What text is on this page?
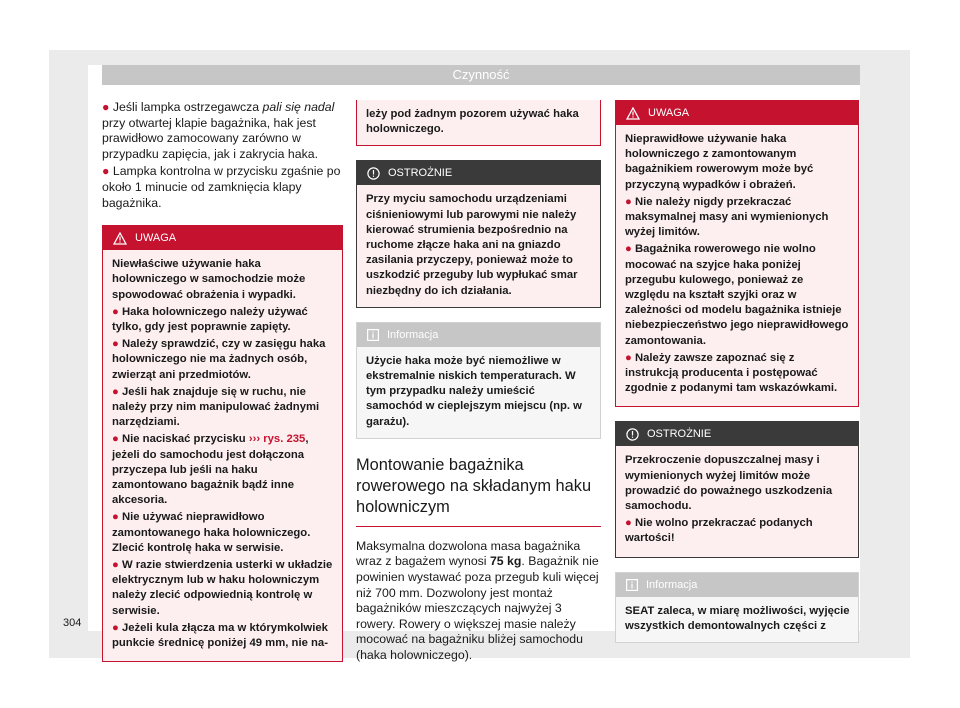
Czynność

● Jeśli lampka ostrzegawcza pali się nadal przy otwartej klapie bagażnika, hak jest prawidłowo zamocowany zarówno w przypadku zapięcia, jak i zakrycia haka.

● Lampka kontrolna w przycisku zgaśnie po około 1 minucie od zamknięcia klapy bagażnika.

UWAGA

Niewłaściwe używanie haka holowniczego w samochodzie może spowodować obrażenia i wypadki.

● Haka holowniczego należy używać tylko, gdy jest poprawnie zapięty.

● Należy sprawdzić, czy w zasięgu haka holowniczego nie ma żadnych osób, zwierząt ani przedmiotów.

● Jeśli hak znajduje się w ruchu, nie należy przy nim manipulować żadnymi narzędziami.

● Nie naciskać przycisku ››› rys. 235, jeżeli do samochodu jest dołączona przyczepa lub jeśli na haku zamontowano bagażnik bądź inne akcesoria.

● Nie używać nieprawidłowo zamontowanego haka holowniczego. Zlecić kontrolę haka w serwisie.

● W razie stwierdzenia usterki w układzie elektrycznym lub w haku holowniczym należy zlecić odpowiednią kontrolę w serwisie.

● Jeżeli kula złącza ma w którymkolwiek punkcie średnicę poniżej 49 mm, nie na-

leży pod żadnym pozorem używać haka holowniczego.
OSTROŻNIE
Przy myciu samochodu urządzeniami ciśnieniowymi lub parowymi nie należy kierować strumienia bezpośrednio na ruchome złącze haka ani na gniazdo zasilania przyczepy, ponieważ może to uszkodzić przeguby lub wypłukać smar niezbędny do ich działania.
Informacja
Użycie haka może być niemożliwe w ekstremalnie niskich temperaturach. W tym przypadku należy umieścić samochód w cieplejszym miejscu (np. w garażu).
Montowanie bagażnika rowerowego na składanym haku holowniczym
Maksymalna dozwolona masa bagażnika wraz z bagażem wynosi 75 kg. Bagażnik nie powinien wystawać poza przegub kuli więcej niż 700 mm. Dozwolony jest montaż bagażników mieszczących najwyżej 3 rowery. Rowery o większej masie należy mocować na bagażniku bliżej samochodu (haka holowniczego).
UWAGA

Nieprawidłowe używanie haka holowniczego z zamontowanym bagażnikiem rowerowym może być przyczyną wypadków i obrażeń.

● Nie należy nigdy przekraczać maksymalnej masy ani wymienionych wyżej limitów.

● Bagażnika rowerowego nie wolno mocować na szyjce haka poniżej przegubu kulowego, ponieważ ze względu na kształt szyjki oraz w zależności od modelu bagażnika istnieje niebezpieczeństwo jego nieprawidłowego zamontowania.

● Należy zawsze zapoznać się z instrukcją producenta i postępować zgodnie z podanymi tam wskazówkami.

OSTROŻNIE

Przekroczenie dopuszczalnej masy i wymienionych wyżej limitów może prowadzić do poważnego uszkodzenia samochodu.

● Nie wolno przekraczać podanych wartości!

Informacja
SEAT zaleca, w miarę możliwości, wyjęcie wszystkich demontowalnych części z
304
